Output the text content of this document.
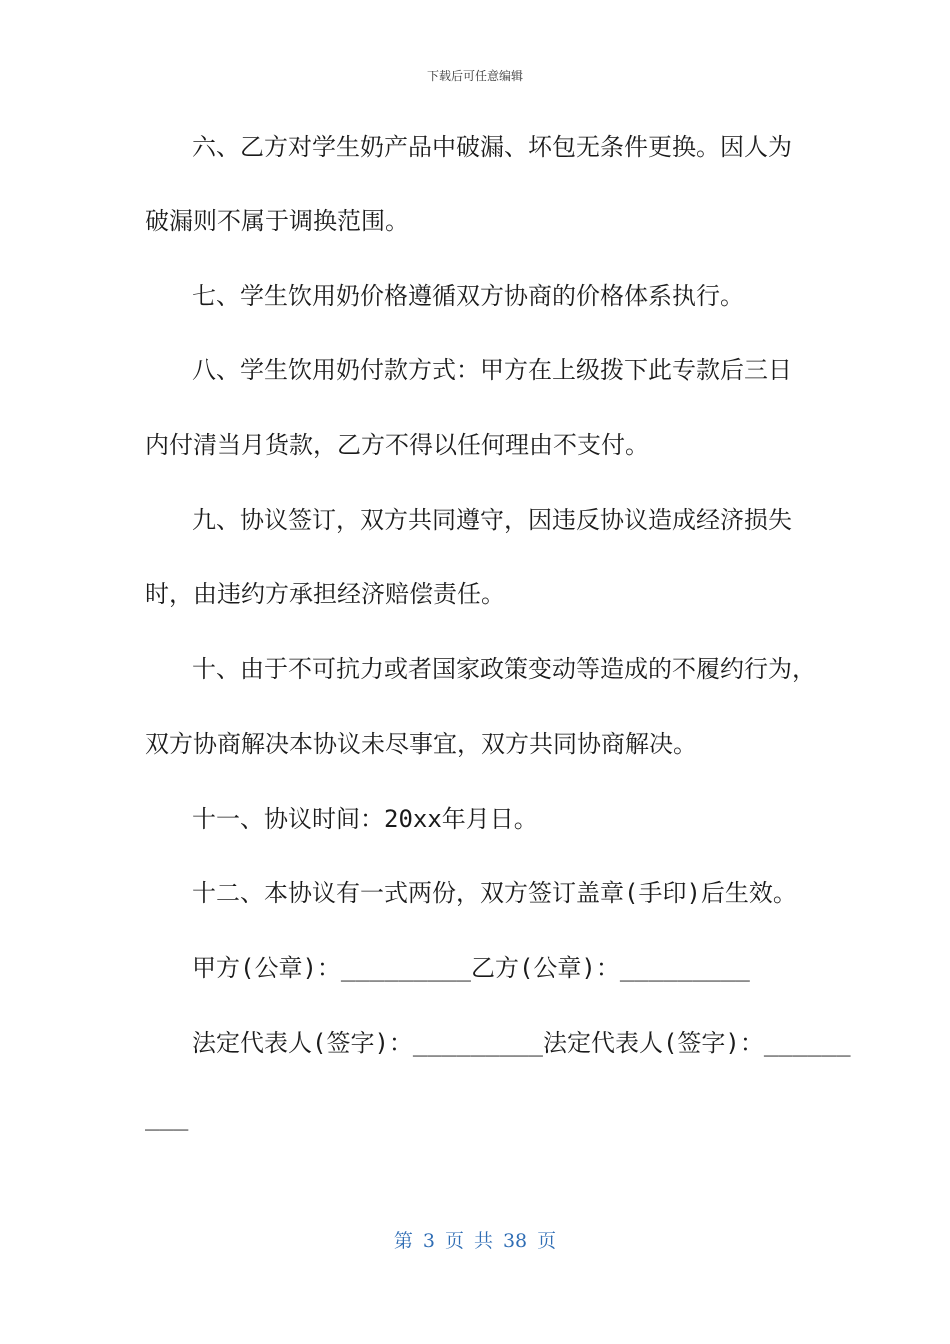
下载后可任意编辑
六、乙方对学生奶产品中破漏、坏包无条件更换。因人为
破漏则不属于调换范围。
七、学生饮用奶价格遵循双方协商的价格体系执行。
八、学生饮用奶付款方式：甲方在上级拨下此专款后三日
内付清当月货款，乙方不得以任何理由不支付。
九、协议签订，双方共同遵守，因违反协议造成经济损失
时，由违约方承担经济赔偿责任。
十、由于不可抗力或者国家政策变动等造成的不履约行为，
双方协商解决本协议未尽事宜，双方共同协商解决。
十一、协议时间：20xx年月日。
十二、本协议有一式两份，双方签订盖章(手印)后生效。
甲方(公章)：_________乙方(公章)：_________
法定代表人(签字)：_________法定代表人(签字)：______
___
第 3 页 共 38 页
